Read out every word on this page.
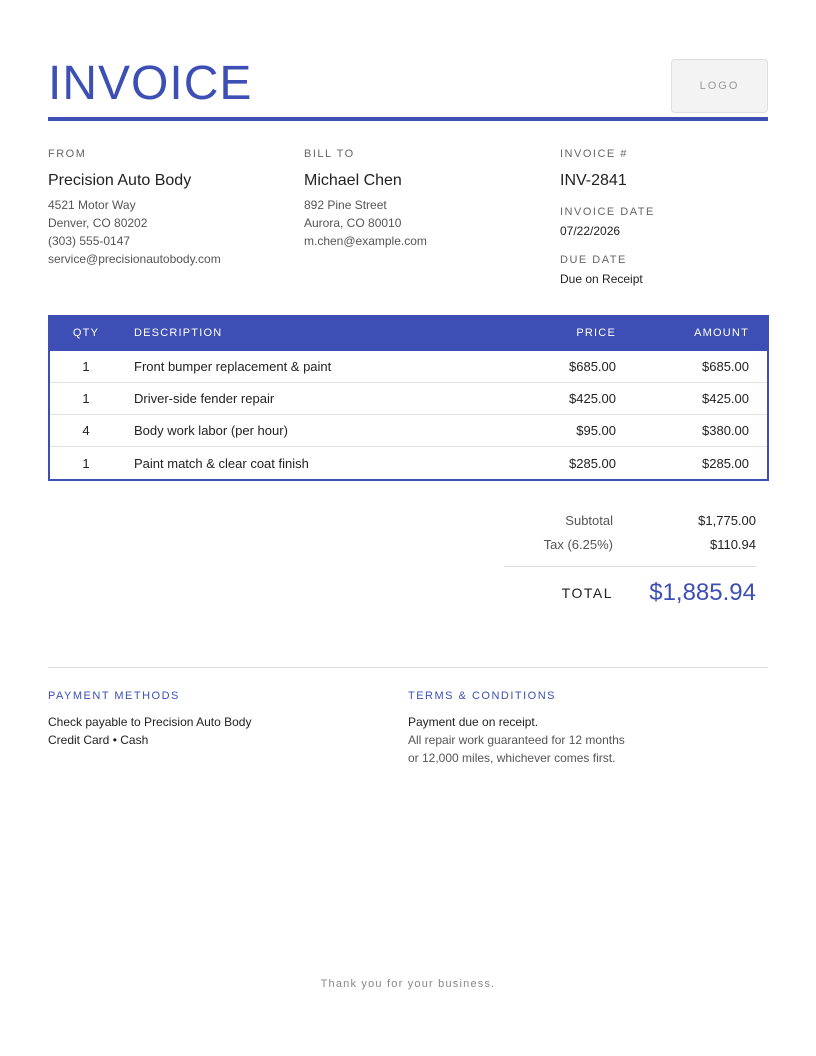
INVOICE	LOGO
FROM
Precision Auto Body
4521 Motor Way
Denver, CO 80202
(303) 555-0147
service@precisionautobody.com
BILL TO
Michael Chen
892 Pine Street
Aurora, CO 80010
m.chen@example.com
INVOICE #
INV-2841
INVOICE DATE
07/22/2026
DUE DATE
Due on Receipt
QTY	DESCRIPTION	PRICE	AMOUNT
1	Front bumper replacement & paint	$685.00	$685.00
1	Driver-side fender repair	$425.00	$425.00
4	Body work labor (per hour)	$95.00	$380.00
1	Paint match & clear coat finish	$285.00	$285.00
Subtotal	$1,775.00
Tax (6.25%)	$110.94
TOTAL	$1,885.94
PAYMENT METHODS
Check payable to Precision Auto Body
Credit Card • Cash
TERMS & CONDITIONS
Payment due on receipt.
All repair work guaranteed for 12 months
or 12,000 miles, whichever comes first.
Thank you for your business.
